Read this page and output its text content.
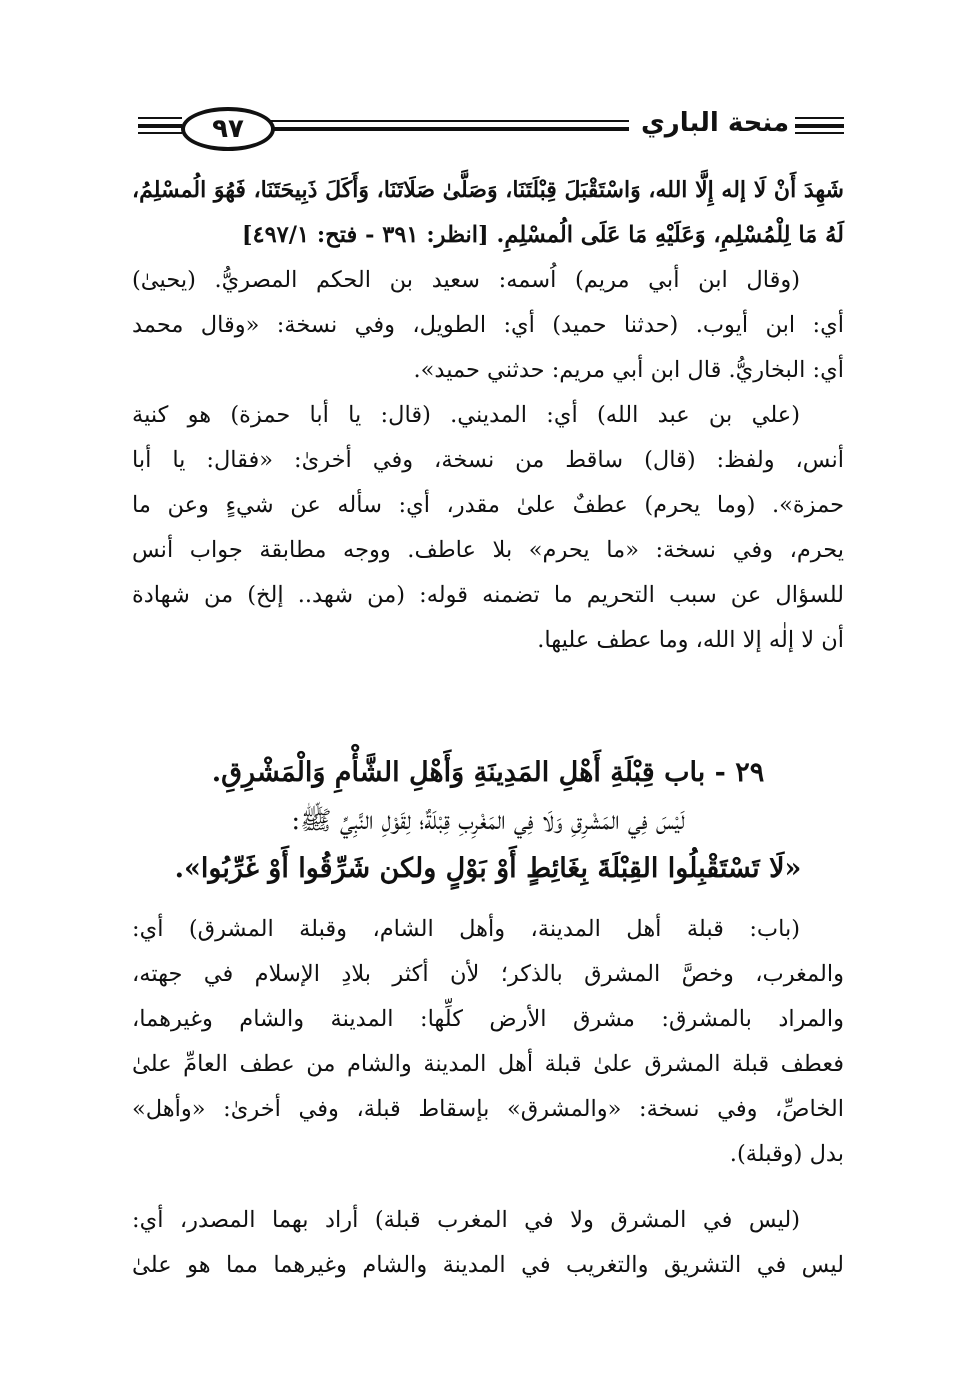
٩٧	منحة الباري
شَهِدَ أَنْ لَا إله إِلَّا الله، وَاسْتَقْبَلَ قِبْلَتَنَا، وَصَلَّىٰ صَلَاتَنَا، وَأَكَلَ ذَبِيحَتَنَا، فَهُوَ الُمسْلِمُ،
لَهُ مَا لِلْمُسْلِمِ، وَعَلَيْهِ مَا عَلَى الُمسْلِمِ. [انظر: ٣٩١ - فتح: ٤٩٧/١]
(وقال ابن أبي مريم) اُسمه: سعيد بن الحكم المصريُّ. (يحيىٰ)
أي: ابن أيوب. (حدثنا حميد) أي: الطويل، وفي نسخة: «وقال محمد
أي: البخاريُّ. قال ابن أبي مريم: حدثني حميد».
(علي بن عبد الله) أي: المديني. (قال: يا أبا حمزة) هو كنية
أنس، ولفظ: (قال) ساقط من نسخة، وفي أخرىٰ: «فقال: يا أبا
حمزة». (وما يحرم) عطفٌ علىٰ مقدر، أي: سأله عن شيءٍ وعن ما
يحرم، وفي نسخة: «ما يحرم» بلا عاطف. ووجه مطابقة جواب أنس
للسؤال عن سبب التحريم ما تضمنه قوله: (من شهد.. إلخ) من شهادة
أن لا إلٰه إلا الله، وما عطف عليها.
٢٩ - باب قِبْلَةِ أَهْلِ المَدِينَةِ وَأَهْلِ الشَّأْمِ وَالْمَشْرِقِ.
لَيْسَ فِي المَشْرِقِ وَلَا فِي المَغْرِبِ قِبْلَةٌ؛ لِقَوْلِ النَّبِيِّ ﷺ:
«لَا تَسْتَقْبِلُوا القِبْلَةَ بِغَائِطٍ أَوْ بَوْلٍ ولكن شَرِّقُوا أَوْ غَرِّبُوا».
(باب: قبلة أهل المدينة، وأهل الشام، وقبلة المشرق) أي:
والمغرب، وخصَّ المشرق بالذكر؛ لأن أكثر بلادِ الإسلام في جهته،
والمراد بالمشرق: مشرق الأرض كلِّها: المدينة والشام وغيرهما،
فعطف قبلة المشرق علىٰ قبلة أهل المدينة والشام من عطف العامِّ علىٰ
الخاصِّ، وفي نسخة: «والمشرق» بإسقاط قبلة، وفي أخرىٰ: «وأهل»
بدل (وقبلة).
(ليس في المشرق ولا في المغرب قبلة) أراد بهما المصدر، أي:
ليس في التشريق والتغريب في المدينة والشام وغيرهما مما هو علىٰ
